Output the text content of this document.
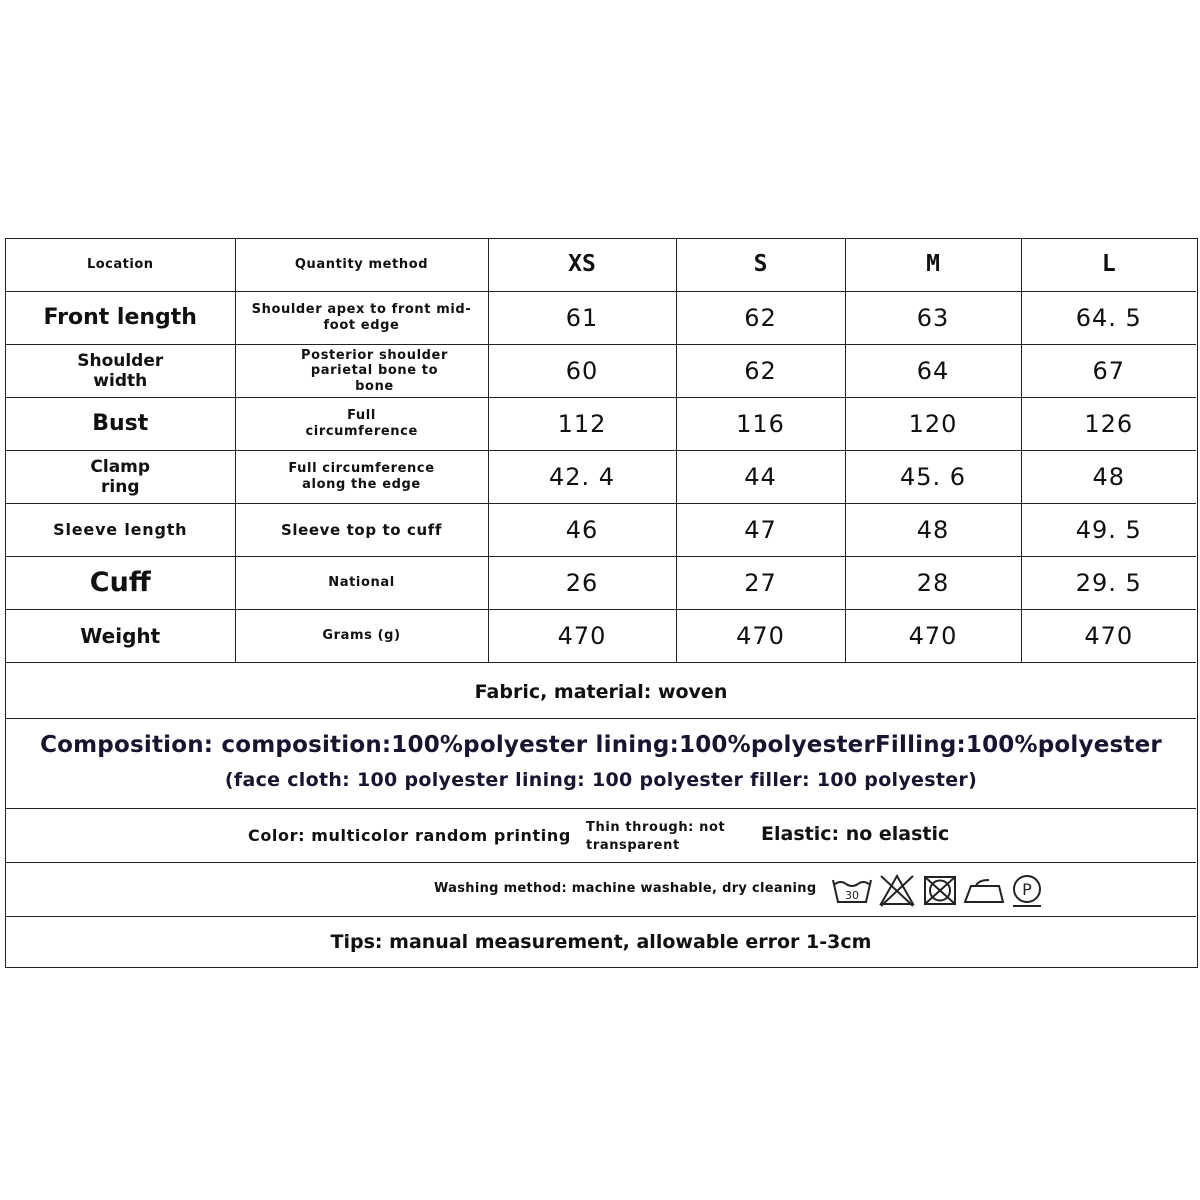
Location	Quantity method	XS	S	M	L
Front length	Shoulder apex to front mid-foot edge	61	62	63	64. 5
Shoulder width	Posterior shoulder parietal bone to bone	60	62	64	67
Bust	Full circumference	112	116	120	126
Clamp ring	Full circumference along the edge	42. 4	44	45. 6	48
Sleeve length	Sleeve top to cuff	46	47	48	49. 5
Cuff	National	26	27	28	29. 5
Weight	Grams (g)	470	470	470	470
Fabric, material: woven
Composition: composition:100%polyester lining:100%polyesterFilling:100%polyester
(face cloth: 100 polyester lining: 100 polyester filler: 100 polyester)
Color: multicolor random printing Thin through: not transparent
Elastic: no elastic
Washing method: machine washable, dry cleaning	30	P
Tips: manual measurement, allowable error 1-3cm
